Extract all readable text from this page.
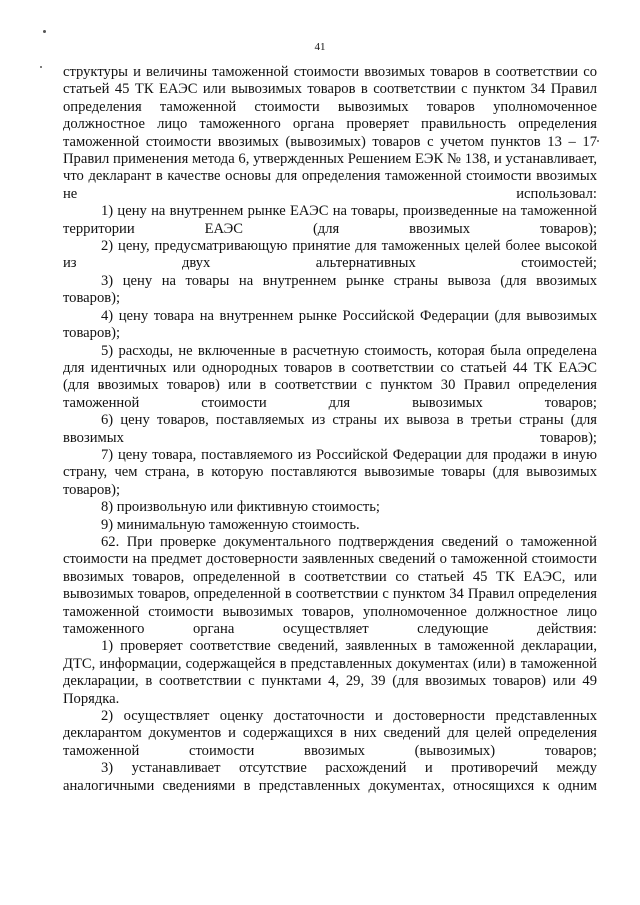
41

структуры и величины таможенной стоимости ввозимых товаров в соответствии со статьей 45 ТК ЕАЭС или вывозимых товаров в соответствии с пунктом 34 Правил определения таможенной стоимости вывозимых товаров уполномоченное должностное лицо таможенного органа проверяет правильность определения таможенной стоимости ввозимых (вывозимых) товаров с учетом пунктов 13 – 17 Правил применения метода 6, утвержденных Решением ЕЭК № 138, и устанавливает, что декларант в качестве основы для определения таможенной стоимости ввозимых не использовал:

1) цену на внутреннем рынке ЕАЭС на товары, произведенные на таможенной территории ЕАЭС (для ввозимых товаров);

2) цену, предусматривающую принятие для таможенных целей более высокой из двух альтернативных стоимостей;

3) цену на товары на внутреннем рынке страны вывоза (для ввозимых товаров);

4) цену товара на внутреннем рынке Российской Федерации (для вывозимых товаров);

5) расходы, не включенные в расчетную стоимость, которая была определена для идентичных или однородных товаров в соответствии со статьей 44 ТК ЕАЭС (для ввозимых товаров) или в соответствии с пунктом 30 Правил определения таможенной стоимости для вывозимых товаров;

6) цену товаров, поставляемых из страны их вывоза в третьи страны (для ввозимых товаров);

7) цену товара, поставляемого из Российской Федерации для продажи в иную страну, чем страна, в которую поставляются вывозимые товары (для вывозимых товаров);

8) произвольную или фиктивную стоимость;

9) минимальную таможенную стоимость.

62. При проверке документального подтверждения сведений о таможенной стоимости на предмет достоверности заявленных сведений о таможенной стоимости ввозимых товаров, определенной в соответствии со статьей 45 ТК ЕАЭС, или вывозимых товаров, определенной в соответствии с пунктом 34 Правил определения таможенной стоимости вывозимых товаров, уполномоченное должностное лицо таможенного органа осуществляет следующие действия:

1) проверяет соответствие сведений, заявленных в таможенной декларации, ДТС, информации, содержащейся в представленных документах (или) в таможенной декларации, в соответствии с пунктами 4, 29, 39 (для ввозимых товаров) или 49 Порядка.

2) осуществляет оценку достаточности и достоверности представленных декларантом документов и содержащихся в них сведений для целей определения таможенной стоимости ввозимых (вывозимых) товаров;

3) устанавливает отсутствие расхождений и противоречий между аналогичными сведениями в представленных документах, относящихся к одним
